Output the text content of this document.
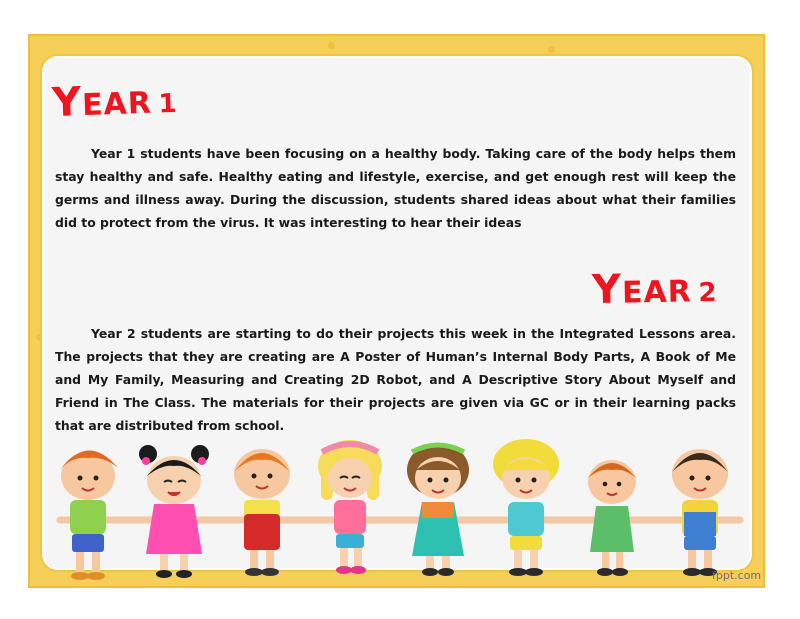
YEAR 1

Year 1 students have been focusing on a healthy body. Taking care of the body helps them stay healthy and safe. Healthy eating and lifestyle, exercise, and get enough rest will keep the germs and illness away. During the discussion, students shared ideas about what their families did to protect from the virus. It was interesting to hear their ideas

YEAR 2

Year 2 students are starting to do their projects this week in the Integrated Lessons area. The projects that they are creating are A Poster of Human’s Internal Body Parts, A Book of Me and My Family, Measuring and Creating 2D Robot, and A Descriptive Story About Myself and Friend in The Class. The materials for their projects are given via GC or in their learning packs that are distributed from school.

fppt.com
